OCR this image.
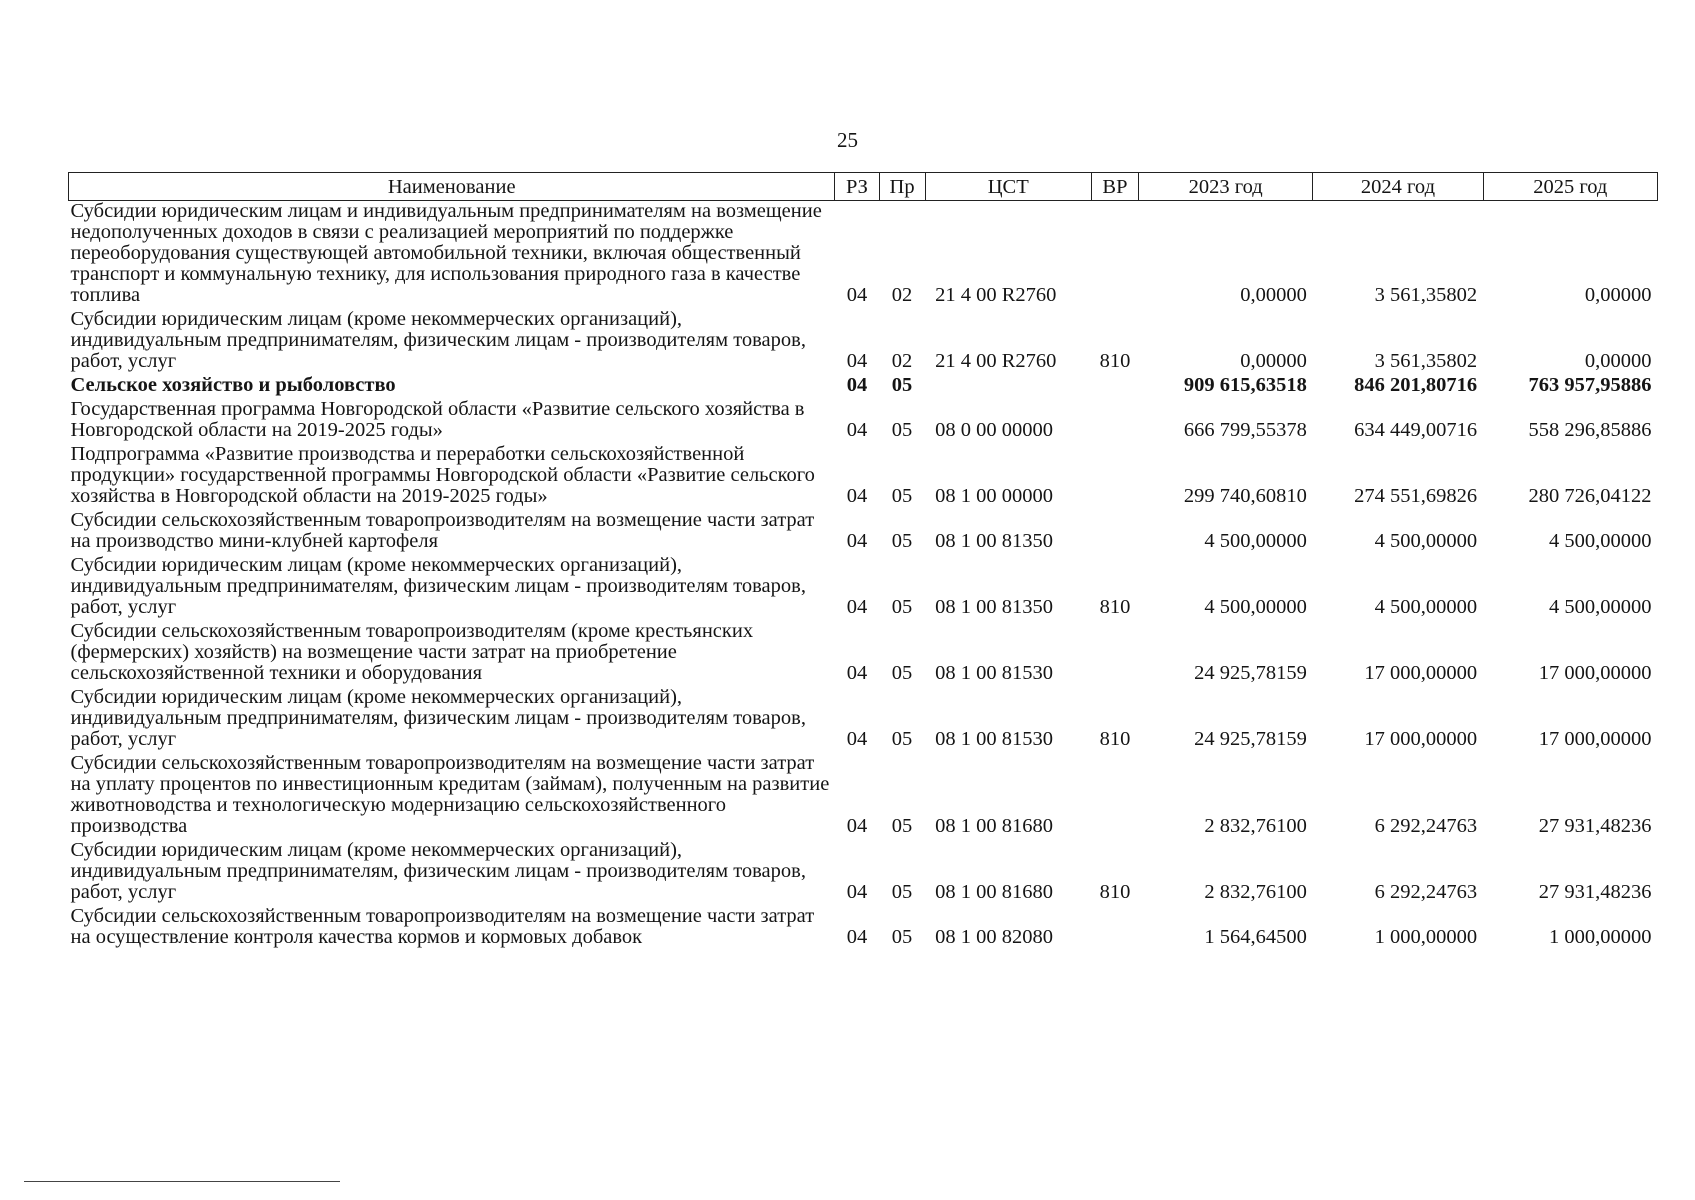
25
Наименование	РЗ	Пр	ЦСТ	ВР	2023 год	2024 год	2025 год
Субсидии юридическим лицам и индивидуальным предпринимателям на возмещение недополученных доходов в связи с реализацией мероприятий по поддержке переоборудования существующей автомобильной техники, включая общественный транспорт и коммунальную технику, для использования природного газа в качестве топлива	04	02	21 4 00 R2760		0,00000	3 561,35802	0,00000
Субсидии юридическим лицам (кроме некоммерческих организаций), индивидуальным предпринимателям, физическим лицам - производителям товаров, работ, услуг	04	02	21 4 00 R2760	810	0,00000	3 561,35802	0,00000
Сельское хозяйство и рыболовство	04	05			909 615,63518	846 201,80716	763 957,95886
Государственная программа Новгородской области «Развитие сельского хозяйства в Новгородской области на 2019-2025 годы»	04	05	08 0 00 00000		666 799,55378	634 449,00716	558 296,85886
Подпрограмма «Развитие производства и переработки сельскохозяйственной продукции» государственной программы Новгородской области «Развитие сельского хозяйства в Новгородской области на 2019-2025 годы»	04	05	08 1 00 00000		299 740,60810	274 551,69826	280 726,04122
Субсидии сельскохозяйственным товаропроизводителям на возмещение части затрат на производство мини-клубней картофеля	04	05	08 1 00 81350		4 500,00000	4 500,00000	4 500,00000
Субсидии юридическим лицам (кроме некоммерческих организаций), индивидуальным предпринимателям, физическим лицам - производителям товаров, работ, услуг	04	05	08 1 00 81350	810	4 500,00000	4 500,00000	4 500,00000
Субсидии сельскохозяйственным товаропроизводителям (кроме крестьянских (фермерских) хозяйств) на возмещение части затрат на приобретение сельскохозяйственной техники и оборудования	04	05	08 1 00 81530		24 925,78159	17 000,00000	17 000,00000
Субсидии юридическим лицам (кроме некоммерческих организаций), индивидуальным предпринимателям, физическим лицам - производителям товаров, работ, услуг	04	05	08 1 00 81530	810	24 925,78159	17 000,00000	17 000,00000
Субсидии сельскохозяйственным товаропроизводителям на возмещение части затрат на уплату процентов по инвестиционным кредитам (займам), полученным на развитие животноводства и технологическую модернизацию сельскохозяйственного производства	04	05	08 1 00 81680		2 832,76100	6 292,24763	27 931,48236
Субсидии юридическим лицам (кроме некоммерческих организаций), индивидуальным предпринимателям, физическим лицам - производителям товаров, работ, услуг	04	05	08 1 00 81680	810	2 832,76100	6 292,24763	27 931,48236
Субсидии сельскохозяйственным товаропроизводителям на возмещение части затрат на осуществление контроля качества кормов и кормовых добавок	04	05	08 1 00 82080		1 564,64500	1 000,00000	1 000,00000
